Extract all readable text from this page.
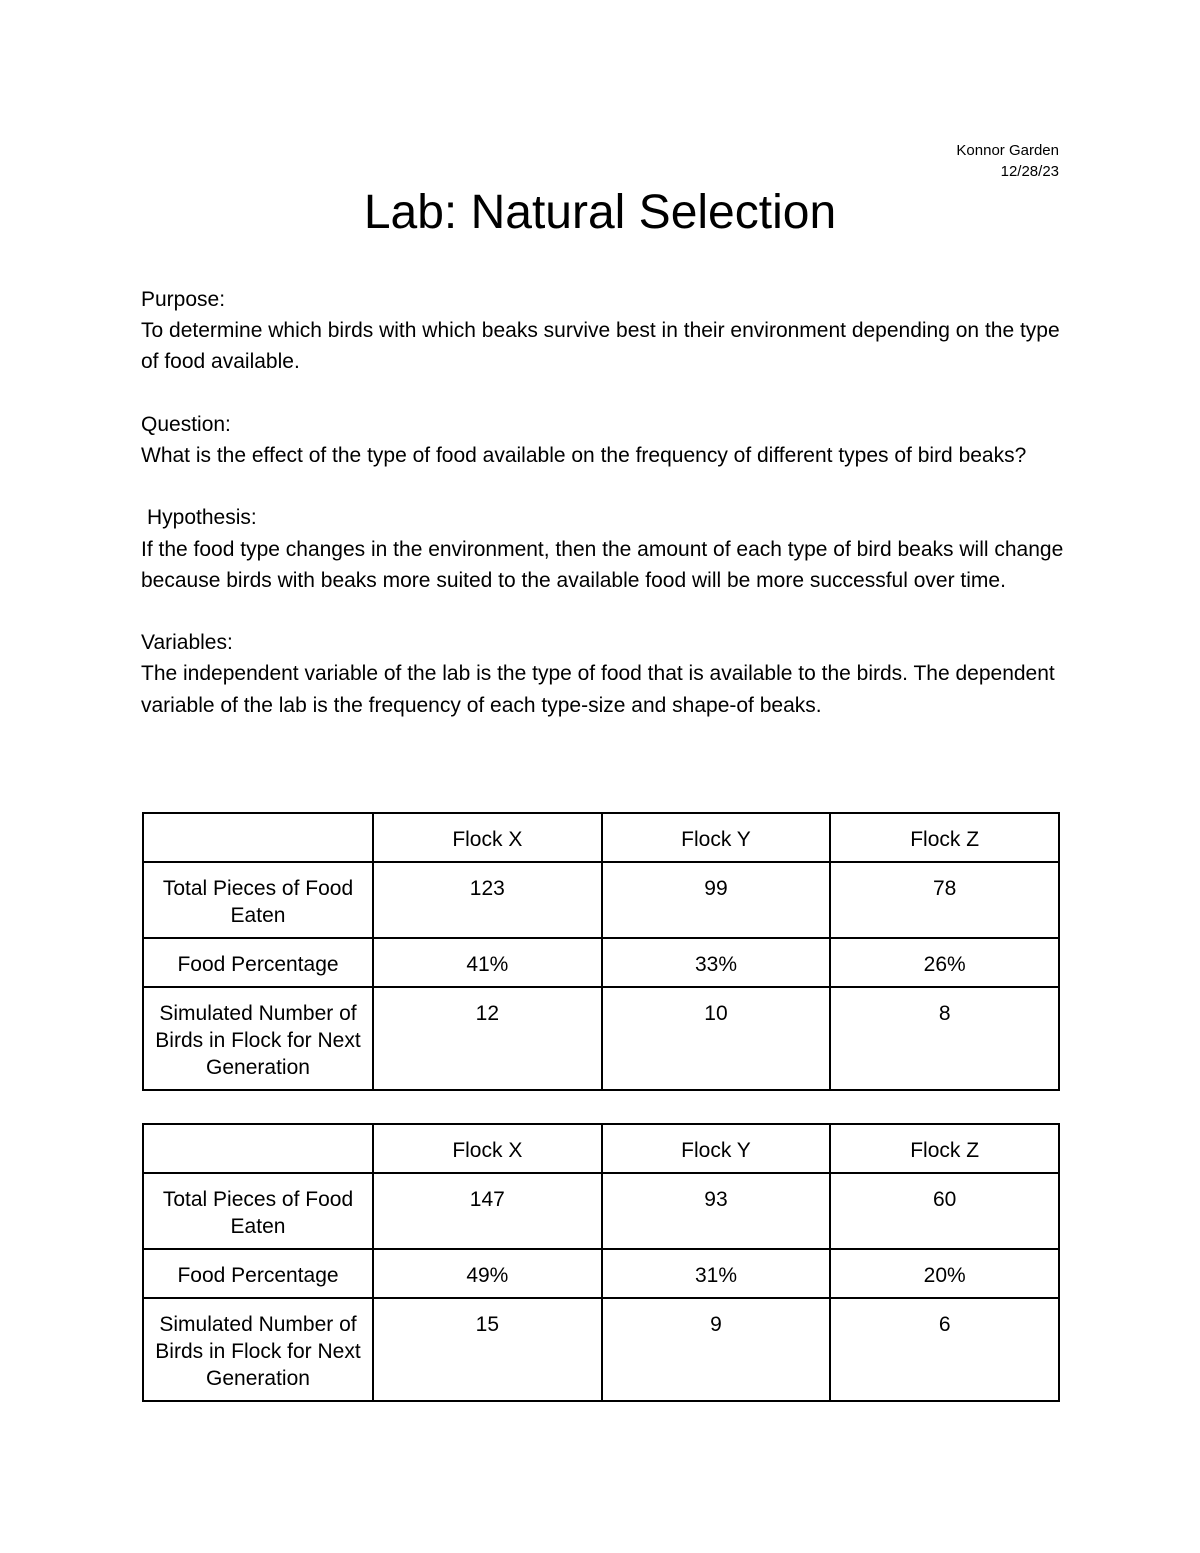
Konnor Garden
12/28/23
Lab: Natural Selection

Purpose:

To determine which birds with which beaks survive best in their environment depending on the type of food available.

Question:

What is the effect of the type of food available on the frequency of different types of bird beaks?

Hypothesis:

If the food type changes in the environment, then the amount of each type of bird beaks will change because birds with beaks more suited to the available food will be more successful over time.

Variables:

The independent variable of the lab is the type of food that is available to the birds. The dependent variable of the lab is the frequency of each type-size and shape-of beaks.

	Flock X	Flock Y	Flock Z
Total Pieces of Food Eaten	123	99	78
Food Percentage	41%	33%	26%
Simulated Number of Birds in Flock for Next Generation	12	10	8
	Flock X	Flock Y	Flock Z
Total Pieces of Food Eaten	147	93	60
Food Percentage	49%	31%	20%
Simulated Number of Birds in Flock for Next Generation	15	9	6
